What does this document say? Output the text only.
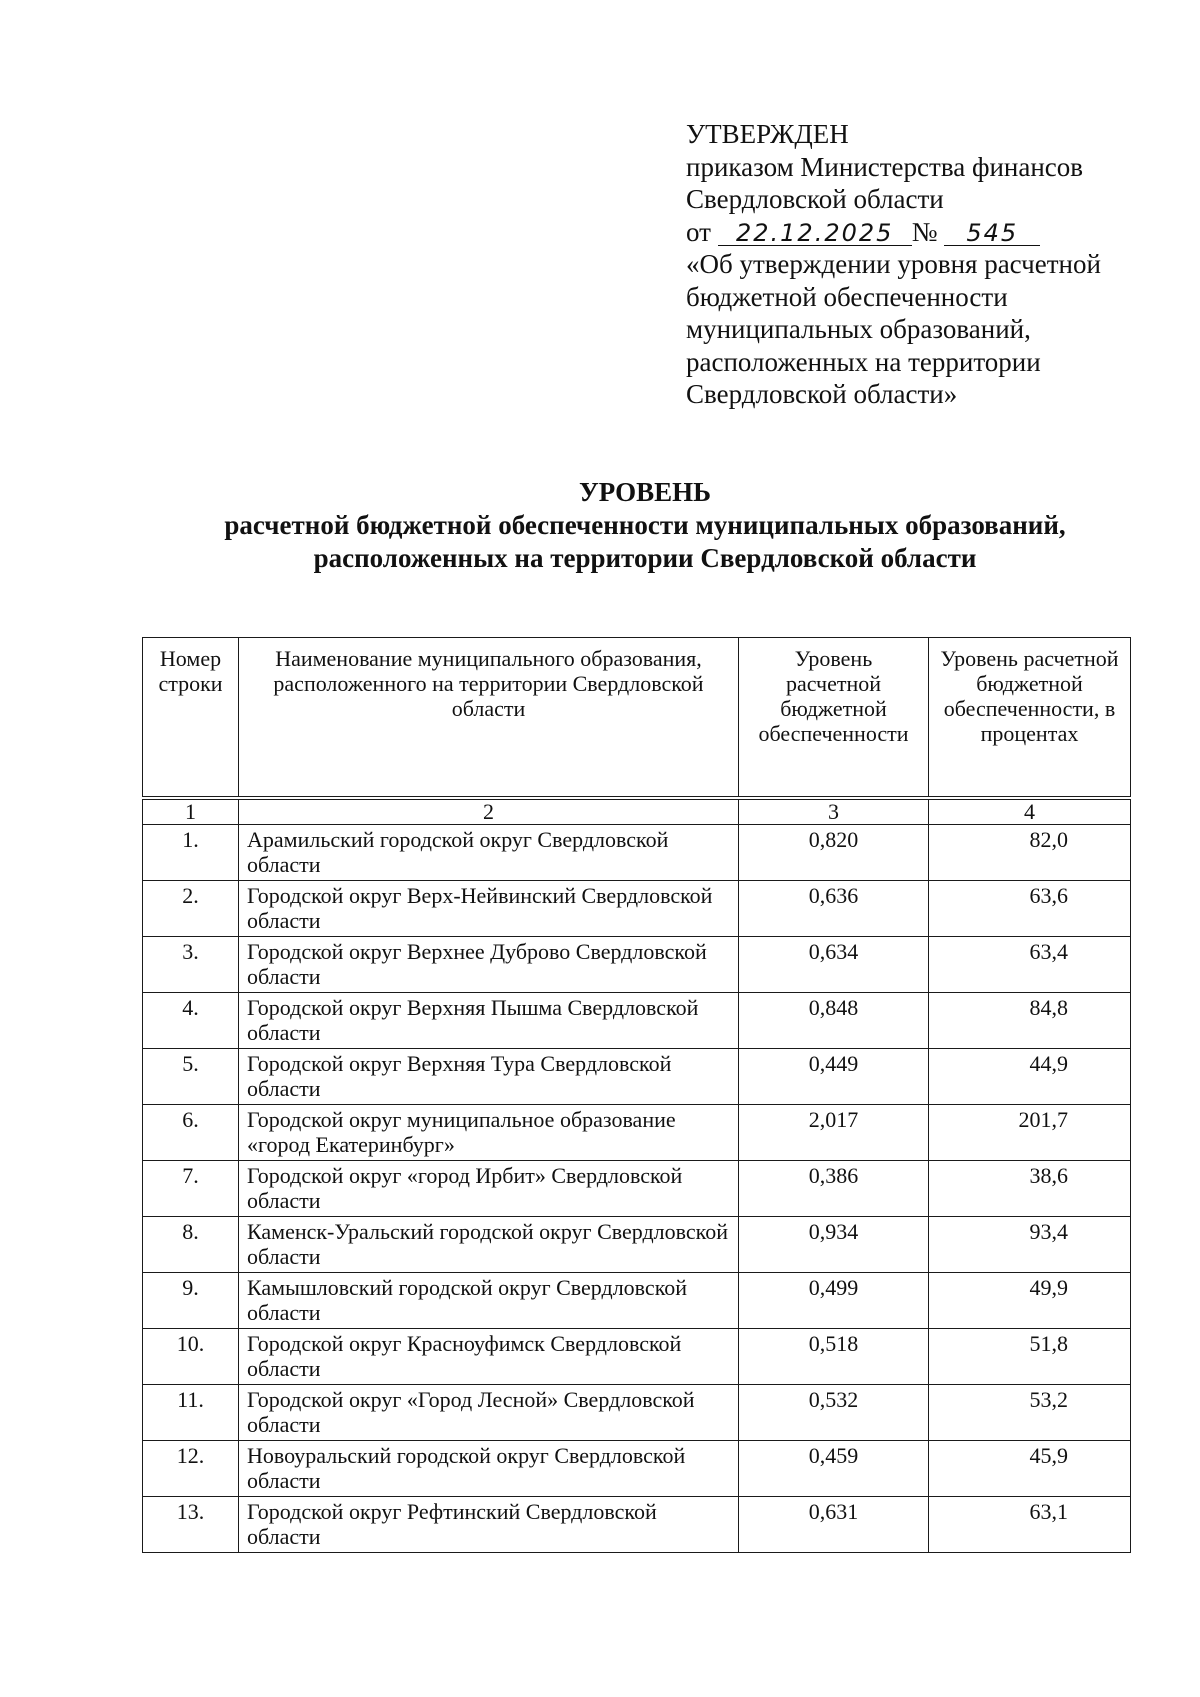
УТВЕРЖДЕН
приказом Министерства финансов
Свердловской области
от 22.12.2025 № 545
«Об утверждении уровня расчетной
бюджетной обеспеченности
муниципальных образований,
расположенных на территории
Свердловской области»
УРОВЕНЬ
расчетной бюджетной обеспеченности муниципальных образований,
расположенных на территории Свердловской области
Номер строки	Наименование муниципального образования, расположенного на территории Свердловской области	Уровень расчетной бюджетной обеспеченности	Уровень расчетной бюджетной обеспеченности, в процентах
1	2	3	4
1.	Арамильский городской округ Свердловской области	0,820	82,0
2.	Городской округ Верх-Нейвинский Свердловской области	0,636	63,6
3.	Городской округ Верхнее Дуброво Свердловской области	0,634	63,4
4.	Городской округ Верхняя Пышма Свердловской области	0,848	84,8
5.	Городской округ Верхняя Тура Свердловской области	0,449	44,9
6.	Городской округ муниципальное образование «город Екатеринбург»	2,017	201,7
7.	Городской округ «город Ирбит» Свердловской области	0,386	38,6
8.	Каменск-Уральский городской округ Свердловской области	0,934	93,4
9.	Камышловский городской округ Свердловской области	0,499	49,9
10.	Городской округ Красноуфимск Свердловской области	0,518	51,8
11.	Городской округ «Город Лесной» Свердловской области	0,532	53,2
12.	Новоуральский городской округ Свердловской области	0,459	45,9
13.	Городской округ Рефтинский Свердловской области	0,631	63,1
